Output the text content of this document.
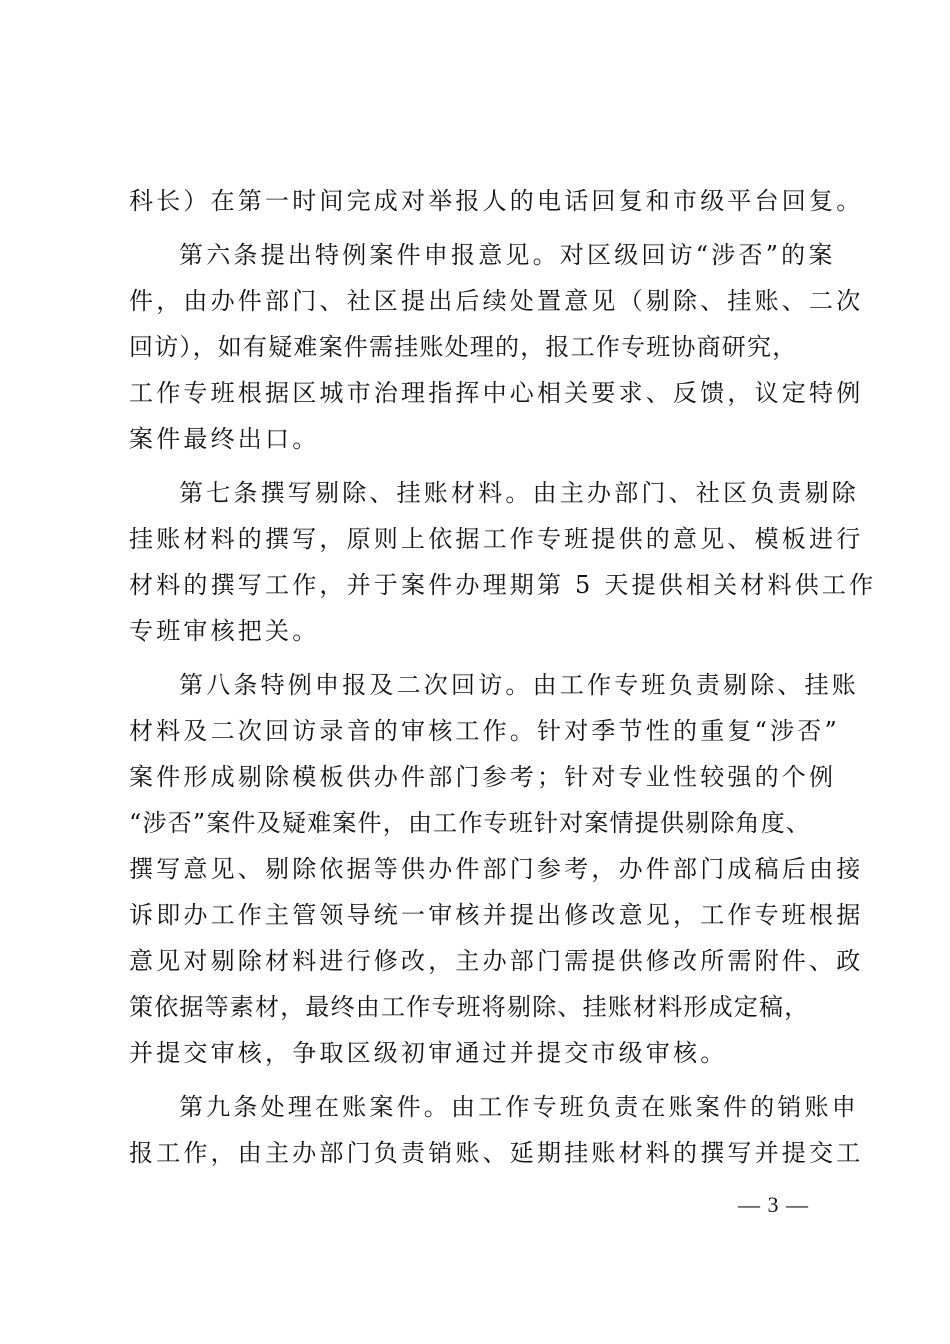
科长）在第一时间完成对举报人的电话回复和市级平台回复。
第六条提出特例案件申报意见。对区级回访“涉否”的案
件，由办件部门、社区提出后续处置意见（剔除、挂账、二次
回访），如有疑难案件需挂账处理的，报工作专班协商研究，
工作专班根据区城市治理指挥中心相关要求、反馈，议定特例
案件最终出口。
第七条撰写剔除、挂账材料。由主办部门、社区负责剔除
挂账材料的撰写，原则上依据工作专班提供的意见、模板进行
材料的撰写工作，并于案件办理期第 5 天提供相关材料供工作
专班审核把关。
第八条特例申报及二次回访。由工作专班负责剔除、挂账
材料及二次回访录音的审核工作。针对季节性的重复“涉否”
案件形成剔除模板供办件部门参考；针对专业性较强的个例
“涉否”案件及疑难案件，由工作专班针对案情提供剔除角度、
撰写意见、剔除依据等供办件部门参考，办件部门成稿后由接
诉即办工作主管领导统一审核并提出修改意见，工作专班根据
意见对剔除材料进行修改，主办部门需提供修改所需附件、政
策依据等素材，最终由工作专班将剔除、挂账材料形成定稿，
并提交审核，争取区级初审通过并提交市级审核。
第九条处理在账案件。由工作专班负责在账案件的销账申
报工作，由主办部门负责销账、延期挂账材料的撰写并提交工
— 3 —
